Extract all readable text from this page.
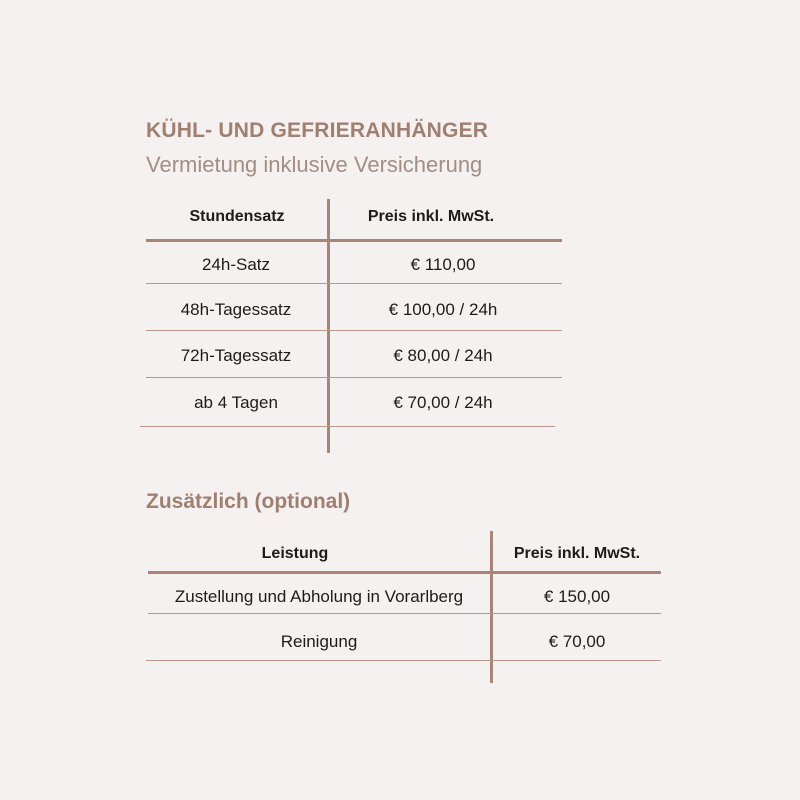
KÜHL- UND GEFRIERANHÄNGER
Vermietung inklusive Versicherung
Stundensatz	Preis inkl. MwSt.
24h-Satz	€ 110,00
48h-Tagessatz	€ 100,00 / 24h
72h-Tagessatz	€ 80,00 / 24h
ab 4 Tagen	€ 70,00 / 24h
Zusätzlich (optional)
Leistung	Preis inkl. MwSt.
Zustellung und Abholung in Vorarlberg	€ 150,00
Reinigung	€ 70,00
